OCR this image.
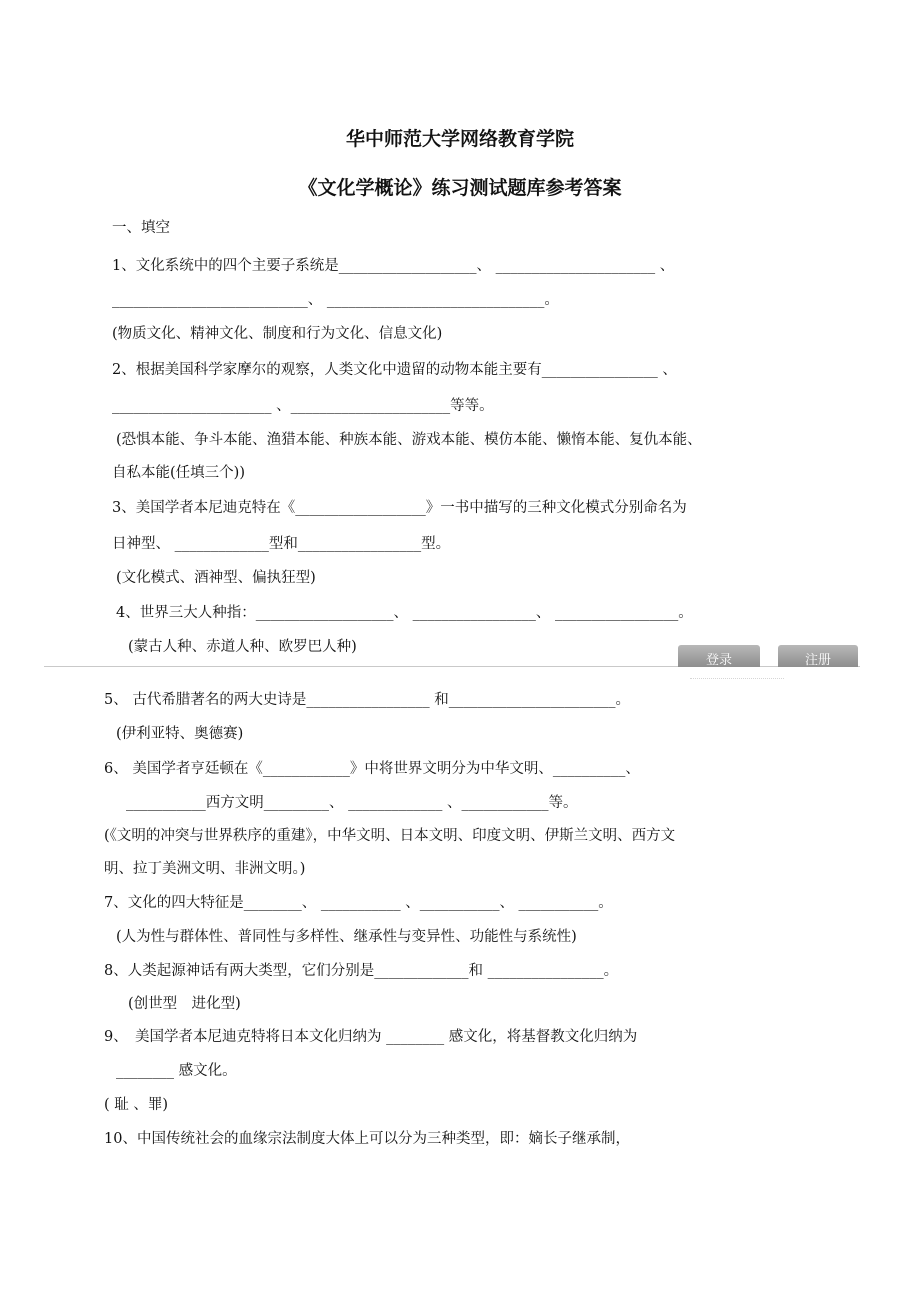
华中师范大学网络教育学院
《文化学概论》练习测试题库参考答案
一、填空
1、文化系统中的四个主要子系统是___________________、 ______________________ 、
___________________________、 ______________________________。
(物质文化、精神文化、制度和行为文化、信息文化)
2、根据美国科学家摩尔的观察，人类文化中遗留的动物本能主要有________________ 、
______________________ 、______________________等等。
(恐惧本能、争斗本能、渔猎本能、种族本能、游戏本能、模仿本能、懒惰本能、复仇本能、
自私本能(任填三个))
3、美国学者本尼迪克特在《__________________》一书中描写的三种文化模式分别命名为
日神型、 _____________型和_________________型。
(文化模式、酒神型、偏执狂型)
4、世界三大人种指：___________________、 _________________、 _________________。
(蒙古人种、赤道人种、欧罗巴人种)
登录	注册
5、 古代希腊著名的两大史诗是_________________ 和_______________________。
(伊利亚特、奥德赛)
6、 美国学者亨廷顿在《____________》中将世界文明分为中华文明、__________、
___________西方文明_________、 _____________ 、____________等。
(《文明的冲突与世界秩序的重建》，中华文明、日本文明、印度文明、伊斯兰文明、西方文
明、拉丁美洲文明、非洲文明。)
7、文化的四大特征是________、 ___________ 、___________、 ___________。
(人为性与群体性、普同性与多样性、继承性与变异性、功能性与系统性)
8、人类起源神话有两大类型，它们分别是_____________和 ________________。
(创世型　进化型)
9、　美国学者本尼迪克特将日本文化归纳为 ________ 感文化，将基督教文化归纳为
________ 感文化。
( 耻 、罪)
10、中国传统社会的血缘宗法制度大体上可以分为三种类型，即：嫡长子继承制，
